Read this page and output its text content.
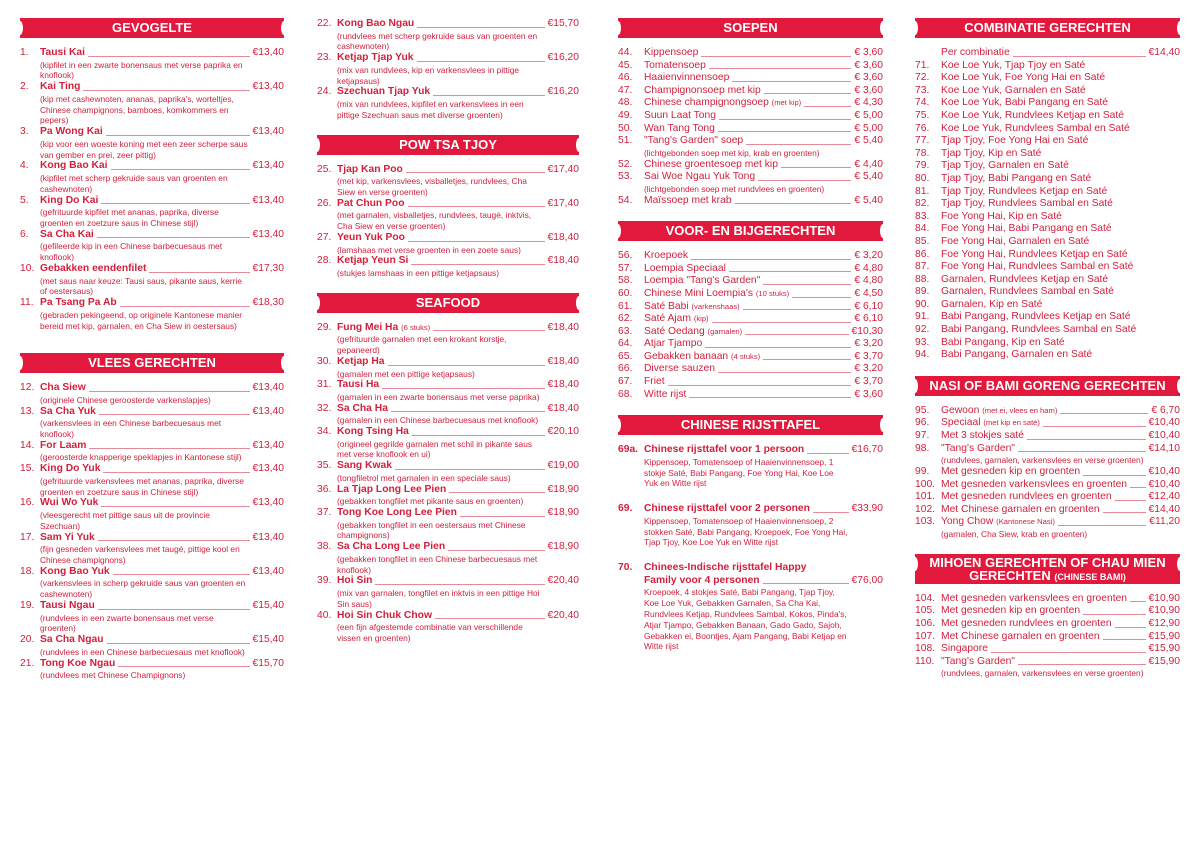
GEVOGELTE
1.	Tausi Kai	€13,40
(kipfilet in een zwarte bonensaus met verse paprika en knoflook)
2.	Kai Ting	€13,40
(kip met cashewnoten, ananas, paprika's, worteltjes, Chinese champignons, bamboes, komkommers en pepers)
3.	Pa Wong Kai	€13,40
(kip voor een woeste koning met een zeer scherpe saus van gember en prei, zeer pittig)
4.	Kong Bao Kai	€13,40
(kipfilet met scherp gekruide saus van groenten en cashewnoten)
5.	King Do Kai	€13,40
(gefrituurde kipfilet met ananas, paprika, diverse groenten en zoetzure saus in Chinese stijl)
6.	Sa Cha Kai	€13,40
(gefileerde kip in een Chinese barbecuesaus met knoflook)
10. Gebakken eendenfilet	€17,30
(met saus naar keuze: Tausi saus, pikante saus, kerrie of oestersaus)
11. Pa Tsang Pa Ab	€18,30
(gebraden pekingeend, op originele Kantonese manier bereid met kip, garnalen, en Cha Siew in oestersaus)
VLEES GERECHTEN
12. Cha Siew	€13,40
(originele Chinese geroosterde varkenslapjes)
13. Sa Cha Yuk	€13,40
(varkensvlees in een Chinese barbecuesaus met knoflook)
14. For Laam	€13,40
(geroosterde knapperige speklapjes in Kantonese stijl)
15. King Do Yuk	€13,40
(gefrituurde varkensvlees met ananas, paprika, diverse groenten en zoetzure saus in Chinese stijl)
16. Wui Wo Yuk	€13,40
(vleesgerecht met pittige saus uit de provincie Szechuan)
17. Sam Yi Yuk	€13,40
(fijn gesneden varkensvlees met taugé, pittige kool en Chinese champignons)
18. Kong Bao Yuk	€13,40
(varkensvlees in scherp gekruide saus van groenten en cashewnoten)
19. Tausi Ngau	€15,40
(rundvlees in een zwarte bonensaus met verse groenten)
20. Sa Cha Ngau	€15,40
(rundvlees in een Chinese barbecuesaus met knoflook)
21. Tong Koe Ngau	€15,70
(rundvlees met Chinese Champignons)
22. Kong Bao Ngau	€15,70
(rundvlees met scherp gekruide saus van groenten en cashewnoten)
23. Ketjap Tjap Yuk	€16,20
(mix van rundvlees, kip en varkensvlees in pittige ketjapsaus)
24. Szechuan Tjap Yuk	€16,20
(mix van rundvlees, kipfilet en varkensvlees in een pittige Szechuan saus met diverse groenten)
POW TSA TJOY
25. Tjap Kan Poo	€17,40
(met kip, varkensvlees, visballetjes, rundvlees, Cha Siew en verse groenten)
26. Pat Chun Poo	€17,40
(met garnalen, visballetjes, rundvlees, taugé, inktvis, Cha Siew en verse groenten)
27. Yeun Yuk Poo	€18,40
(lamshaas met verse groenten in een zoete saus)
28. Ketjap Yeun Si	€18,40
(stukjes lamshaas in een pittige ketjapsaus)
SEAFOOD
29. Fung Mei Ha (6 stuks)	€18,40
(gefrituurde garnalen met een krokant korstje, gepaneerd)
30. Ketjap Ha	€18,40
(garnalen met een pittige ketjapsaus)
31. Tausi Ha	€18,40
(garnalen in een zwarte bonensaus met verse paprika)
32. Sa Cha Ha	€18,40
(garnalen in een Chinese barbecuesaus met knoflook)
34. Kong Tsing Ha	€20,10
(origineel gegrilde garnalen met schil in pikante saus met verse knoflook en ui)
35. Sang Kwak	€19,00
(tongfiletrol met garnalen in een speciale saus)
36. La Tjap Long Lee Pien	€18,90
(gebakken tongfilet met pikante saus en groenten)
37. Tong Koe Long Lee Pien	€18,90
(gebakken tongfilet in een oestersaus met Chinese champignons)
38. Sa Cha Long Lee Pien	€18,90
(gebakken tongfilet in een Chinese barbecuesaus met knoflook)
39. Hoi Sin	€20,40
(mix van garnalen, tongfilet en inktvis in een pittige Hoi Sin saus)
40. Hoi Sin Chuk Chow	€20,40
(een fijn afgestemde combinatie van verschillende vissen en groenten)
SOEPEN
44.	Kippensoep	€ 3,60
45.	Tomatensoep	€ 3,60
46.	Haaienvinnensoep	€ 3,60
47.	Champignonsoep met kip	€ 3,60
48.	Chinese champignongsoep (met kip)	€ 4,30
49.	Suun Laat Tong	€ 5,00
50.	Wan Tang Tong	€ 5,00
51.	"Tang's Garden" soep	€ 5,40
(lichtgebonden soep met kip, krab en groenten)
52.	Chinese groentesoep met kip	€ 4,40
53.	Sai Woe Ngau Yuk Tong	€ 5,40
(lichtgebonden soep met rundvlees en groenten)
54.	Maïssoep met krab	€ 5,40
VOOR- EN BIJGERECHTEN
56.	Kroepoek	€ 3,20
57.	Loempia Speciaal	€ 4,80
58.	Loempia "Tang's Garden"	€ 4,80
60.	Chinese Mini Loempia's (10 stuks)	€ 4,50
61.	Saté Babi (varkenshaas)	€ 6,10
62.	Saté Ajam (kip)	€ 6,10
63.	Saté Oedang (garnalen)	€10,30
64.	Atjar Tjampo	€ 3,20
65.	Gebakken banaan (4 stuks)	€ 3,70
66.	Diverse sauzen	€ 3,20
67.	Friet	€ 3,70
68.	Witte rijst	€ 3,60
CHINESE RIJSTTAFEL
69a. Chinese rijsttafel voor 1 persoon	€16,70
Kippensoep, Tomatensoep of Haaienvinnensoep, 1 stokje Saté, Babi Pangang, Foe Yong Hai, Koe Loe Yuk en Witte rijst
69.	Chinese rijsttafel voor 2 personen	€33,90
Kippensoep, Tomatensoep of Haaienvinnensoep, 2 stokken Saté, Babi Pangang, Kroepoek, Foe Yong Hai, Tjap Tjoy, Koe Loe Yuk en Witte rijst
70.	Chinees-Indische rijsttafel Happy
Family voor 4 personen	€76,00
Kroepoek, 4 stokjes Saté, Babi Pangang, Tjap Tjoy, Koe Loe Yuk, Gebakken Garnalen, Sa Cha Kai, Rundvlees Ketjap, Rundvlees Sambal, Kokos, Pinda's, Atjar Tjampo, Gebakken Banaan, Gado Gado, Sajoh, Gebakken ei, Boontjes, Ajam Pangang, Babi Ketjap en Witte rijst
COMBINATIE GERECHTEN
Per combinatie	€14,40
71.	Koe Loe Yuk, Tjap Tjoy en Saté
72.	Koe Loe Yuk, Foe Yong Hai en Saté
73.	Koe Loe Yuk, Garnalen en Saté
74.	Koe Loe Yuk, Babi Pangang en Saté
75.	Koe Loe Yuk, Rundvlees Ketjap en Saté
76.	Koe Loe Yuk, Rundvlees Sambal en Saté
77.	Tjap Tjoy, Foe Yong Hai en Saté
78.	Tjap Tjoy, Kip en Saté
79.	Tjap Tjoy, Garnalen en Saté
80.	Tjap Tjoy, Babi Pangang en Saté
81.	Tjap Tjoy, Rundvlees Ketjap en Saté
82.	Tjap Tjoy, Rundvlees Sambal en Saté
83.	Foe Yong Hai, Kip en Saté
84.	Foe Yong Hai, Babi Pangang en Saté
85.	Foe Yong Hai, Garnalen en Saté
86.	Foe Yong Hai, Rundvlees Ketjap en Saté
87.	Foe Yong Hai, Rundvlees Sambal en Saté
88.	Garnalen, Rundvlees Ketjap en Saté
89.	Garnalen, Rundvlees Sambal en Saté
90.	Garnalen, Kip en Saté
91.	Babi Pangang, Rundvlees Ketjap en Saté
92.	Babi Pangang, Rundvlees Sambal en Saté
93.	Babi Pangang, Kip en Saté
94.	Babi Pangang, Garnalen en Saté
NASI OF BAMI GORENG GERECHTEN
95.	Gewoon (met ei, vlees en ham)	€ 6,70
96.	Speciaal (met kip en saté)	€10,40
97.	Met 3 stokjes saté	€10,40
98.	"Tang's Garden"	€14,10
(rundvlees, garnalen, varkensvlees en verse groenten)
99.	Met gesneden kip en groenten	€10,40
100. Met gesneden varkensvlees en groenten €10,40
101. Met gesneden rundvlees en groenten	€12,40
102. Met Chinese garnalen en groenten	€14,40
103. Yong Chow (Kantonese Nasi)	€11,20
(garnalen, Cha Siew, krab en groenten)
MIHOEN GERECHTEN OF CHAU MIEN
GERECHTEN (CHINESE BAMI)
104. Met gesneden varkensvlees en groenten €10,90
105. Met gesneden kip en groenten	€10,90
106. Met gesneden rundvlees en groenten	€12,90
107. Met Chinese garnalen en groenten	€15,90
108. Singapore	€15,90
110. "Tang's Garden"	€15,90
(rundvlees, garnalen, varkensvlees en verse groenten)
